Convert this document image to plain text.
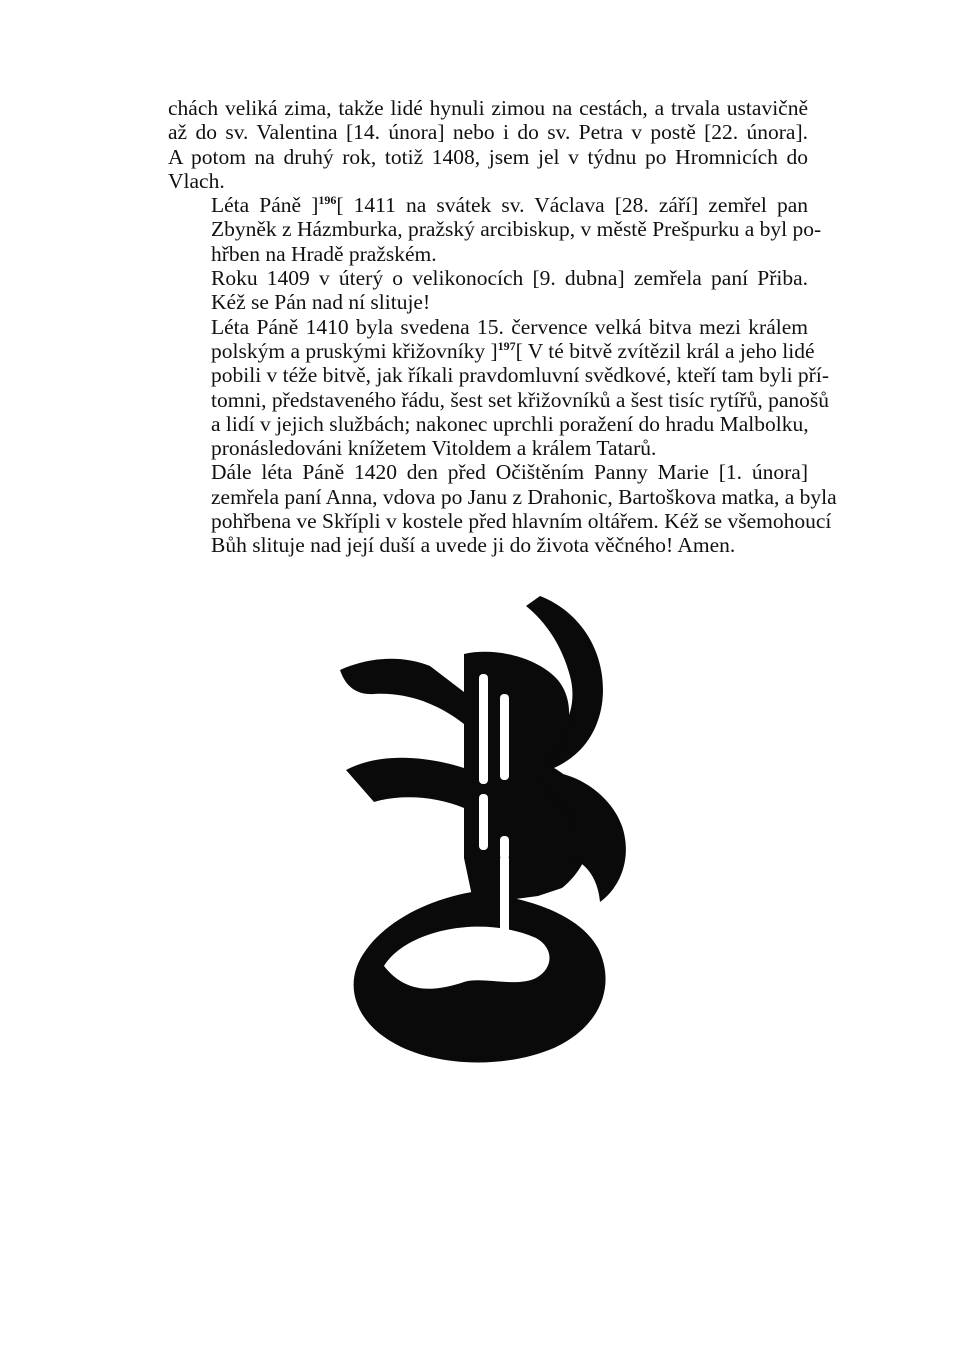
chách veliká zima, takže lidé hynuli zimou na cestách, a trvala ustavičně
až do sv. Valentina [14. února] nebo i do sv. Petra v postě [22. února].
A potom na druhý rok, totiž 1408, jsem jel v týdnu po Hromnicích do
Vlach.

Léta Páně ]$^{196}$[ 1411 na svátek sv. Václava [28. září] zemřel pan
Zbyněk z Házmburka, pražský arcibiskup, v městě Prešpurku a byl po-
hřben na Hradě pražském.

Roku 1409 v úterý o velikonocích [9. dubna] zemřela paní Přiba.
Kéž se Pán nad ní slituje!

Léta Páně 1410 byla svedena 15. července velká bitva mezi králem
polským a pruskými křižovníky ]$^{197}$[ V té bitvě zvítězil král a jeho lidé
pobili v téže bitvě, jak říkali pravdomluvní svědkové, kteří tam byli pří-
tomni, představeného řádu, šest set křižovníků a šest tisíc rytířů, panošů
a lidí v jejich službách; nakonec uprchli poražení do hradu Malbolku,
pronásledováni knížetem Vitoldem a králem Tatarů.

Dále léta Páně 1420 den před Očištěním Panny Marie [1. února]
zemřela paní Anna, vdova po Janu z Drahonic, Bartoškova matka, a byla
pohřbena ve Skřípli v kostele před hlavním oltářem. Kéž se všemohoucí
Bůh slituje nad její duší a uvede ji do života věčného! Amen.
